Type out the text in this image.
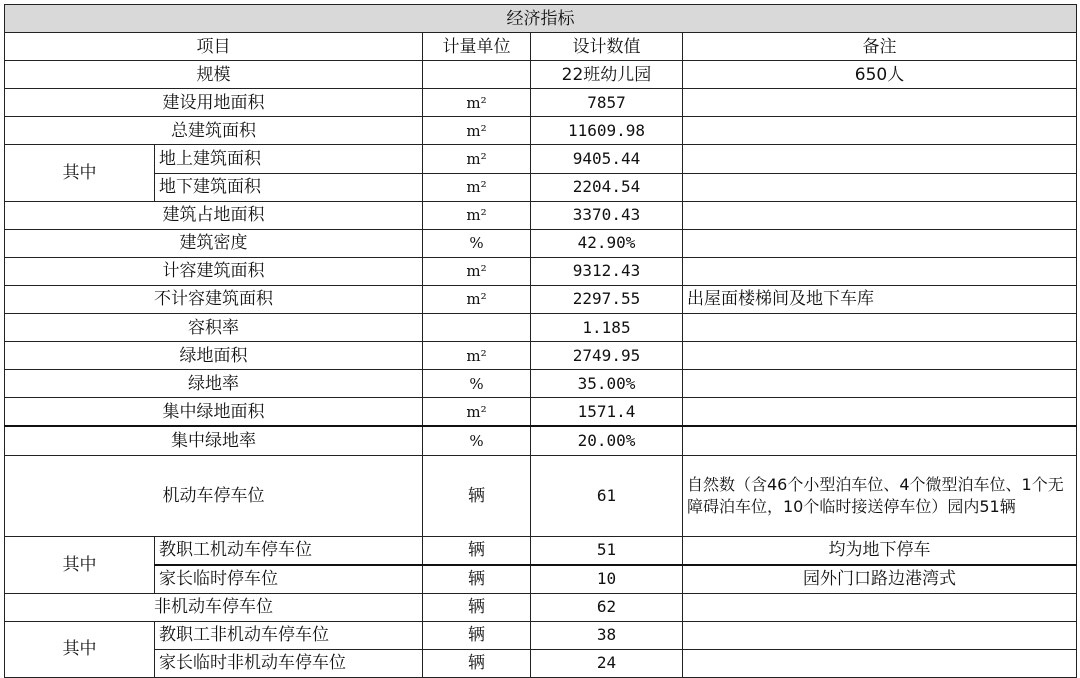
经济指标				
项目		计量单位	设计数值	备注
规模			22班幼儿园	650人
建设用地面积		m²	7857	
总建筑面积		m²	11609.98	
其中	地上建筑面积	m²	9405.44	
	地下建筑面积	m²	2204.54	
建筑占地面积		m²	3370.43	
建筑密度		%	42.90%	
计容建筑面积		m²	9312.43	
不计容建筑面积		m²	2297.55	出屋面楼梯间及地下车库
容积率			1.185	
绿地面积		m²	2749.95	
绿地率		%	35.00%	
集中绿地面积		m²	1571.4	
集中绿地率		%	20.00%	
机动车停车位		辆	61	自然数（含46个小型泊车位、4个微型泊车位、1个无障碍泊车位，10个临时接送停车位）园内51辆
其中	教职工机动车停车位	辆	51	均为地下停车
	家长临时停车位	辆	10	园外门口路边港湾式
非机动车停车位		辆	62	
其中	教职工非机动车停车位	辆	38	
	家长临时非机动车停车位	辆	24	
